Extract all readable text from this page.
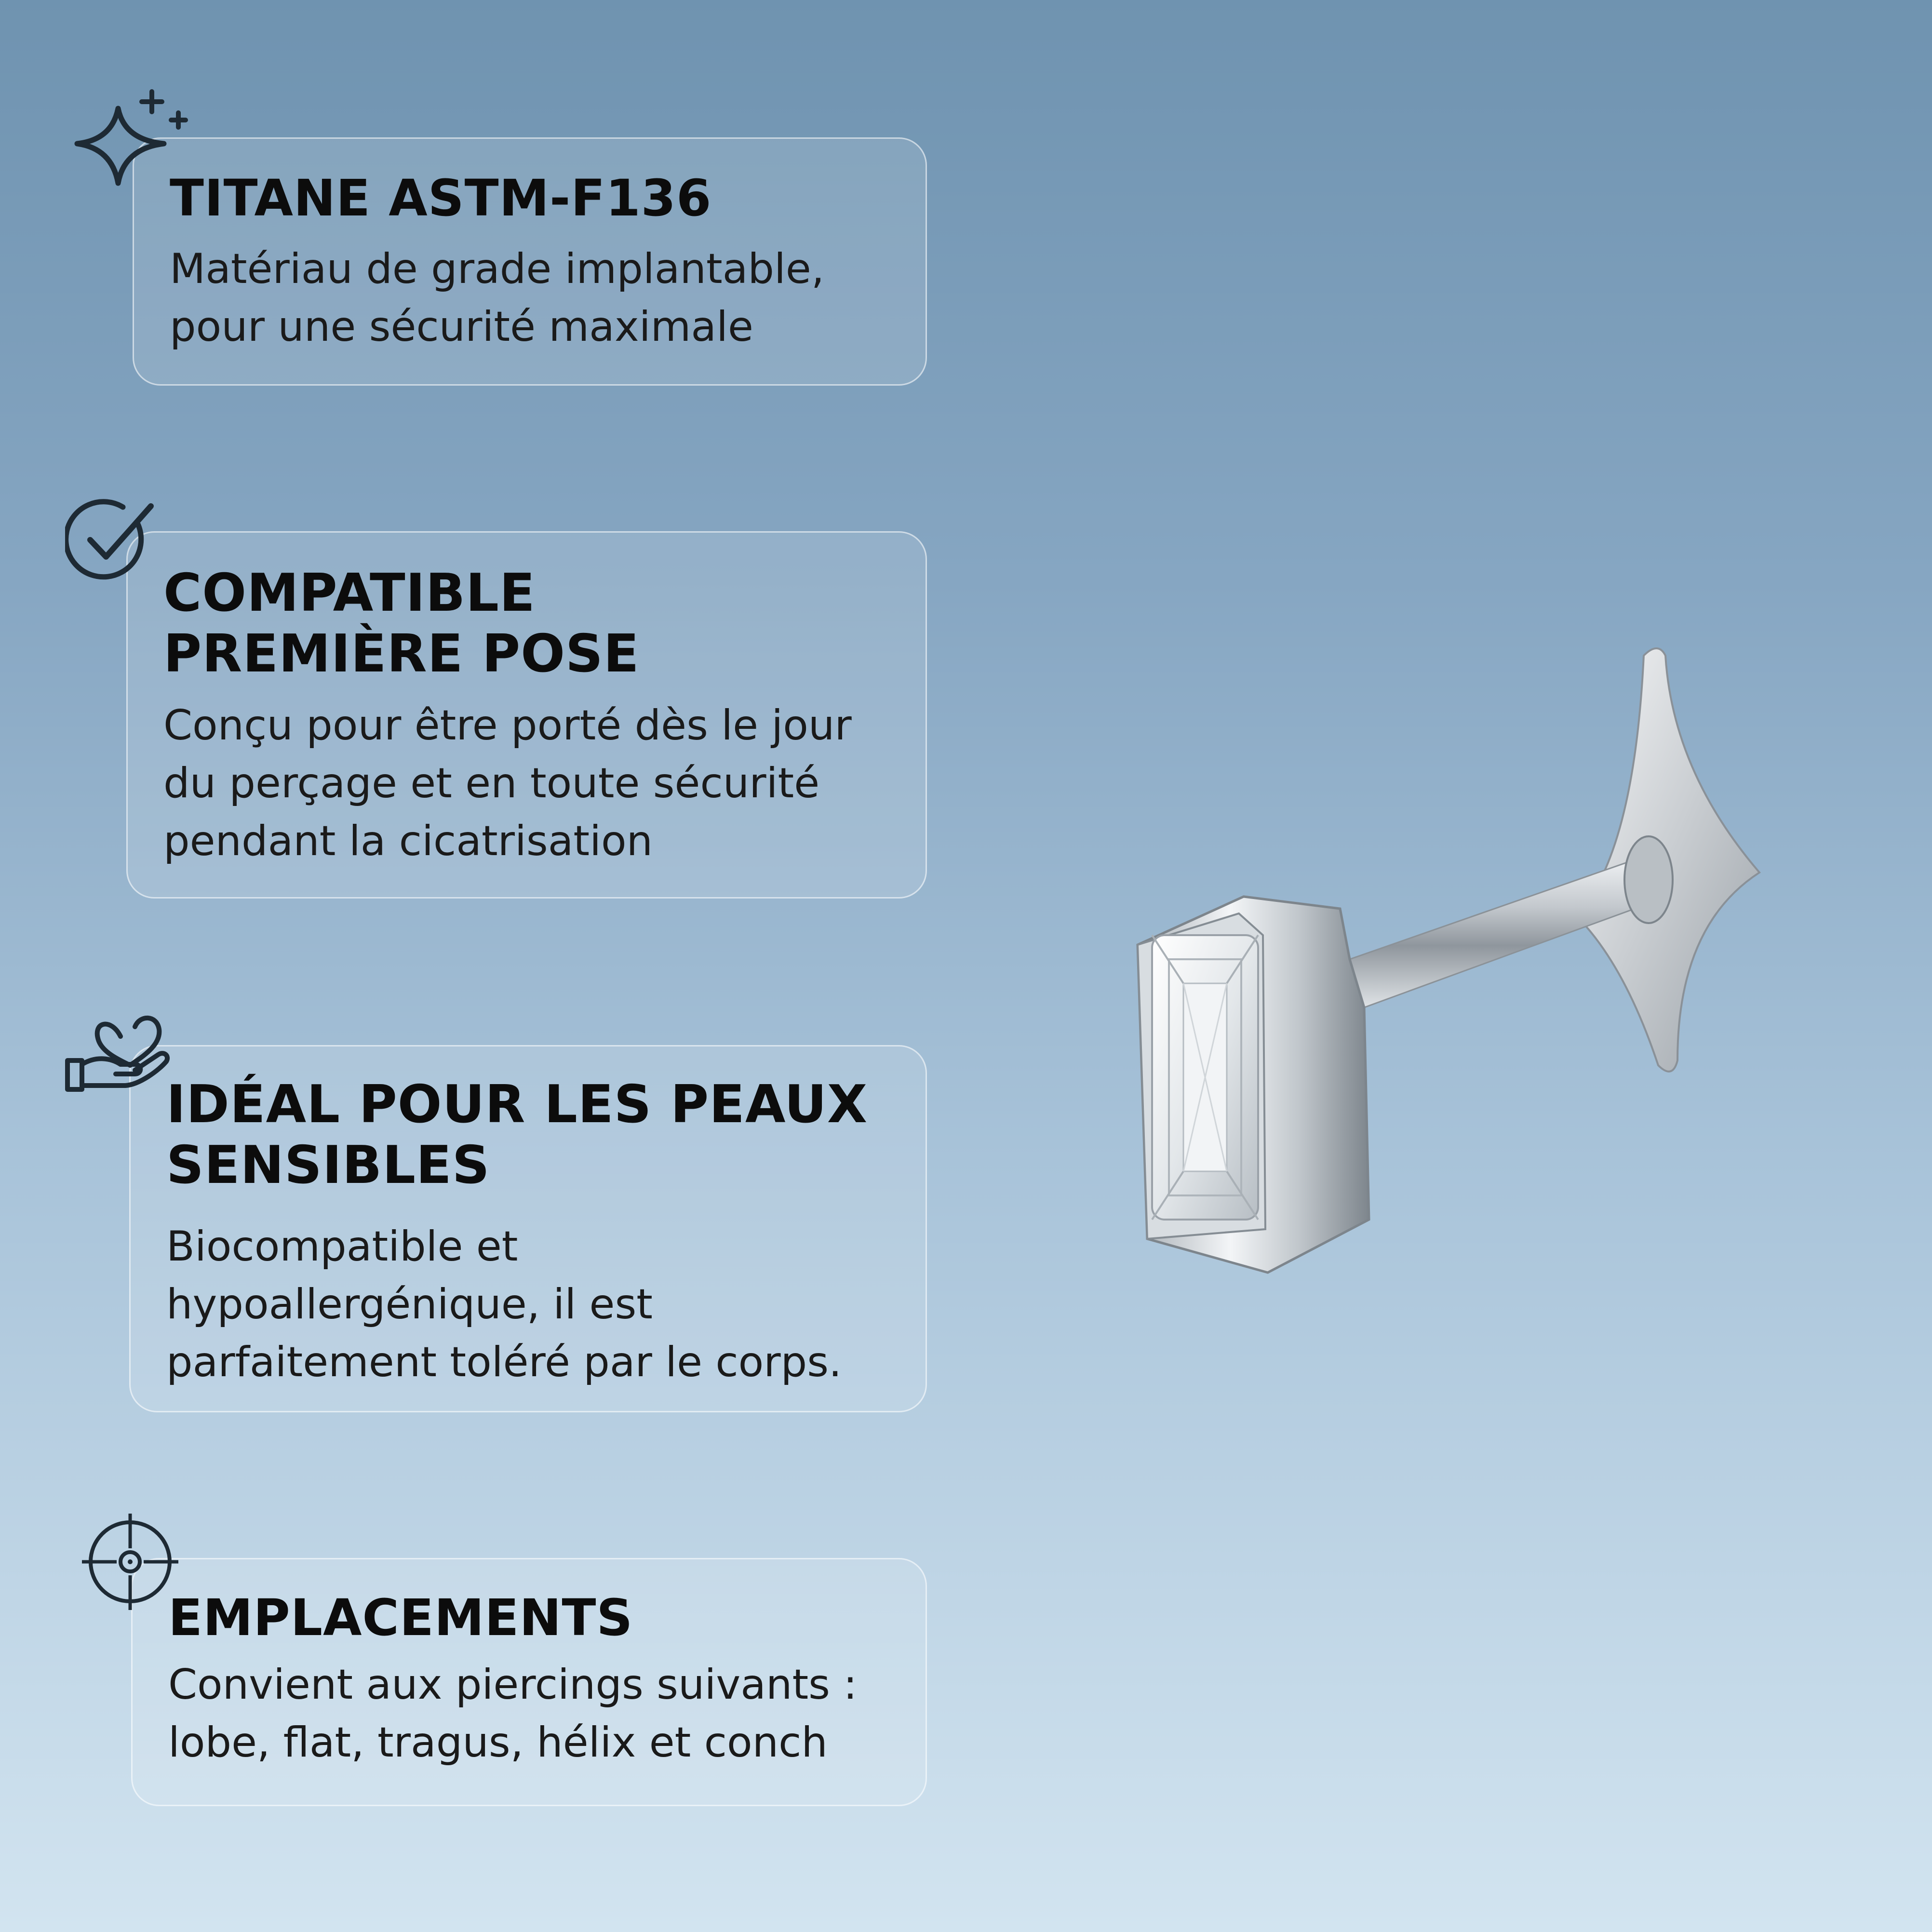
TITANE ASTM-F136

Matériau de grade implantable,
pour une sécurité maximale

COMPATIBLE
PREMIÈRE POSE

Conçu pour être porté dès le jour
du perçage et en toute sécurité
pendant la cicatrisation

IDÉAL POUR LES PEAUX
SENSIBLES

Biocompatible et
hypoallergénique, il est
parfaitement toléré par le corps.

EMPLACEMENTS

Convient aux piercings suivants :
lobe, flat, tragus, hélix et conch
